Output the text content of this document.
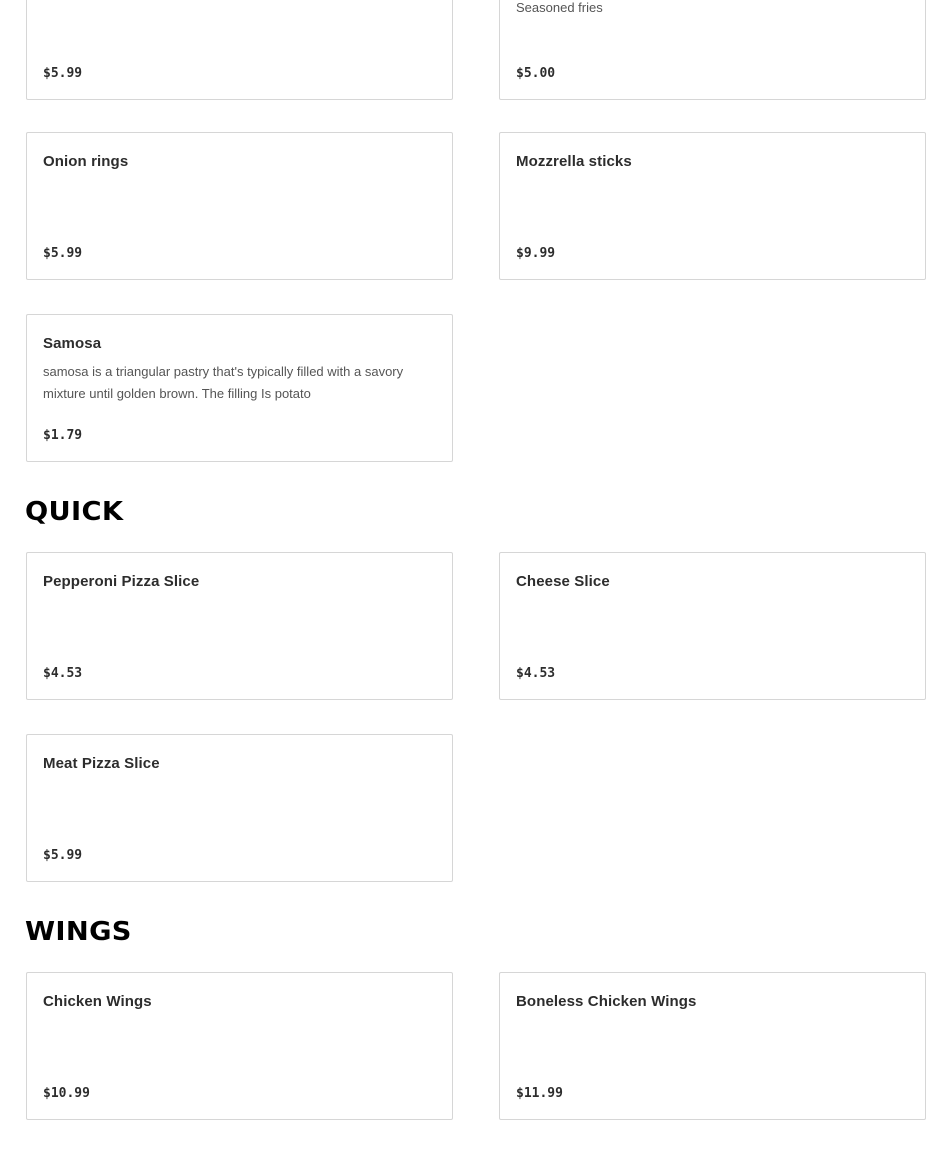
$5.99
Seasoned fries
$5.00
Onion rings
$5.99
Mozzrella sticks
$9.99
Samosa
samosa is a triangular pastry that's typically filled with a savory mixture until golden brown. The filling Is potato
$1.79
QUICK
Pepperoni Pizza Slice
$4.53
Cheese Slice
$4.53
Meat Pizza Slice
$5.99
WINGS
Chicken Wings
$10.99
Boneless Chicken Wings
$11.99
